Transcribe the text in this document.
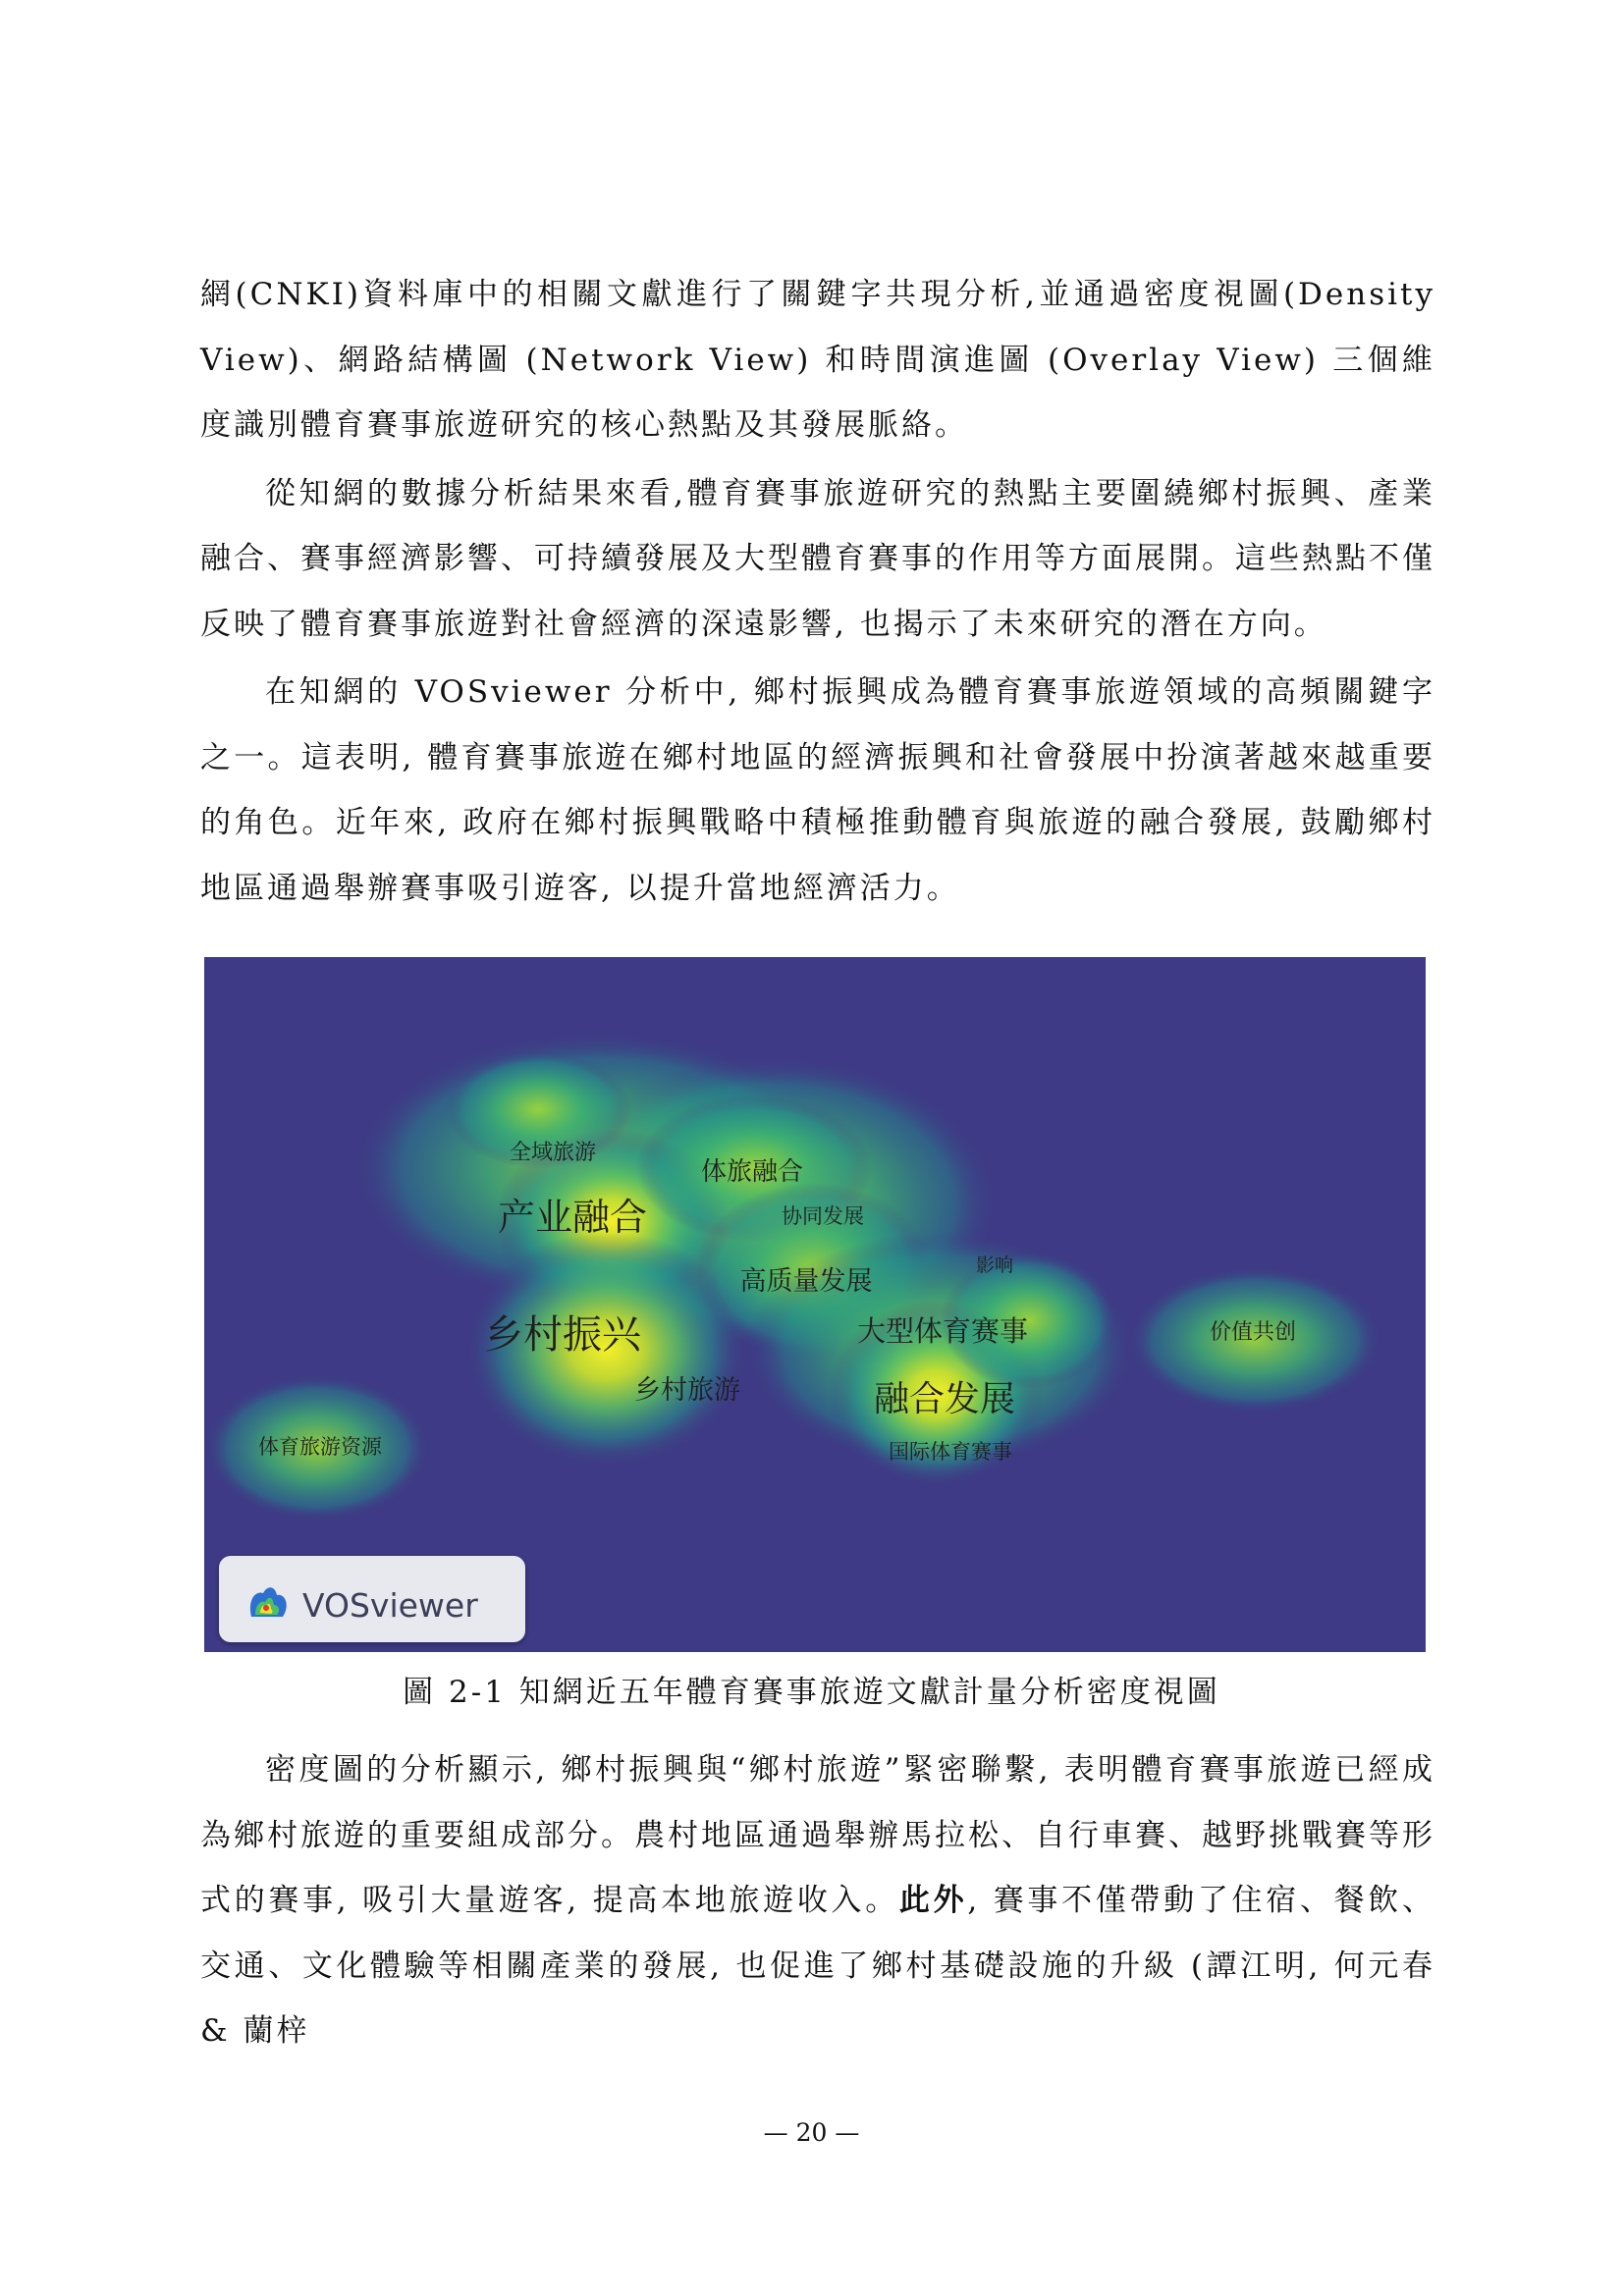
網(CNKI)資料庫中的相關文獻進行了關鍵字共現分析,並通過密度視圖(Density View)、網路結構圖 (Network View) 和時間演進圖 (Overlay View) 三個維度識別體育賽事旅遊研究的核心熱點及其發展脈絡。

從知網的數據分析結果來看,體育賽事旅遊研究的熱點主要圍繞鄉村振興、產業融合、賽事經濟影響、可持續發展及大型體育賽事的作用等方面展開。這些熱點不僅反映了體育賽事旅遊對社會經濟的深遠影響, 也揭示了未來研究的潛在方向。

在知網的 VOSviewer 分析中, 鄉村振興成為體育賽事旅遊領域的高頻關鍵字之一。這表明, 體育賽事旅遊在鄉村地區的經濟振興和社會發展中扮演著越來越重要的角色。近年來, 政府在鄉村振興戰略中積極推動體育與旅遊的融合發展, 鼓勵鄉村地區通過舉辦賽事吸引遊客, 以提升當地經濟活力。

全域旅游
体旅融合
产业融合	协同发展
影响
高质量发展
乡村振兴	大型体育赛事	价值共创
乡村旅游	融合发展
国际体育赛事
体育旅游资源
VOSviewer
圖 2-1 知網近五年體育賽事旅遊文獻計量分析密度視圖

密度圖的分析顯示, 鄉村振興與“鄉村旅遊”緊密聯繫, 表明體育賽事旅遊已經成為鄉村旅遊的重要組成部分。農村地區通過舉辦馬拉松、自行車賽、越野挑戰賽等形式的賽事, 吸引大量遊客, 提高本地旅遊收入。此外, 賽事不僅帶動了住宿、餐飲、交通、文化體驗等相關產業的發展, 也促進了鄉村基礎設施的升級 (譚江明, 何元春 & 蘭梓

— 20 —
